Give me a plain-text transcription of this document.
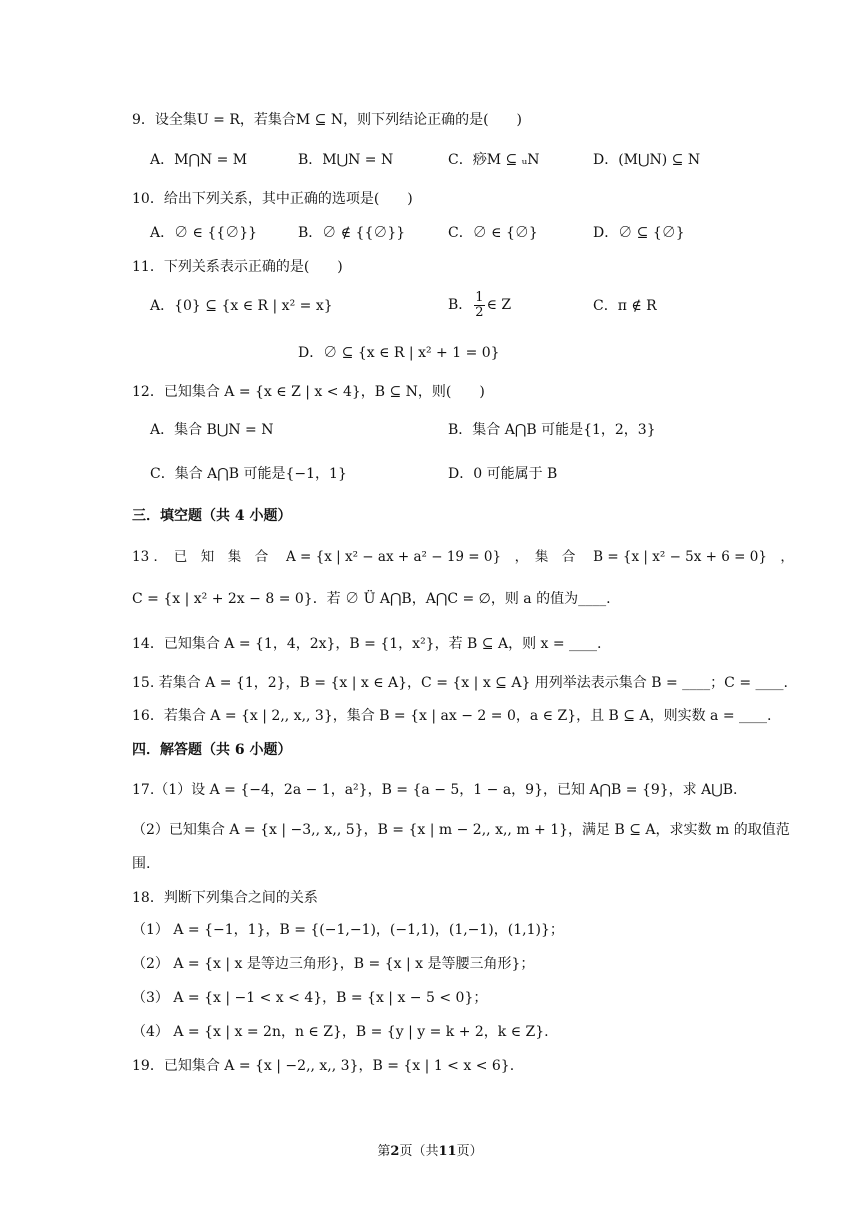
9．设全集U = R，若集合M ⊆ N，则下列结论正确的是(　　)
A．M⋂N = M	B．M⋃N = N	C．痧M ⊆ ᵤN	D．(M⋃N) ⊆ N
10．给出下列关系，其中正确的选项是(　　)
A．∅ ∈ {{∅}}	B．∅ ∉ {{∅}}	C．∅ ∈ {∅}	D．∅ ⊆ {∅}
11．下列关系表示正确的是(　　)
A．{0} ⊆ {x ∈ R | x² = x}	B． $\frac{1}{2}$ ∈ Z	C．π ∉ R
D．∅ ⊆ {x ∈ R | x² + 1 = 0}
12．已知集合 A = {x ∈ Z | x < 4}，B ⊆ N，则(　　)
A．集合 B⋃N = N	B．集合 A⋂B 可能是{1，2，3}
C．集合 A⋂B 可能是{−1，1}	D．0 可能属于 B
三．填空题（共 4 小题）
13 ．　已　知　集　合　 A = {x | x² − ax + a² − 19 = 0}　，　集　合　 B = {x | x² − 5x + 6 = 0}　，
C = {x | x² + 2x − 8 = 0}．若 ∅ Ü A⋂B，A⋂C = ∅，则 a 的值为____.
14．已知集合 A = {1，4，2x}，B = {1，x²}，若 B ⊆ A，则 x = ____.
15. 若集合 A = {1，2}，B = {x | x ∈ A}，C = {x | x ⊆ A} 用列举法表示集合 B = ____；C = ____.
16．若集合 A = {x | 2,, x,, 3}，集合 B = {x | ax − 2 = 0，a ∈ Z}，且 B ⊆ A，则实数 a = ____.
四．解答题（共 6 小题）
17.（1）设 A = {−4，2a − 1，a²}，B = {a − 5，1 − a，9}，已知 A⋂B = {9}，求 A⋃B.
（2）已知集合 A = {x | −3,, x,, 5}，B = {x | m − 2,, x,, m + 1}，满足 B ⊆ A，求实数 m 的取值范
围.
18．判断下列集合之间的关系
（1） A = {−1，1}，B = {(−1,−1)，(−1,1)，(1,−1)，(1,1)}；
（2） A = {x | x 是等边三角形}，B = {x | x 是等腰三角形}；
（3） A = {x | −1 < x < 4}，B = {x | x − 5 < 0}；
（4） A = {x | x = 2n，n ∈ Z}，B = {y | y = k + 2，k ∈ Z}.
19．已知集合 A = {x | −2,, x,, 3}，B = {x | 1 < x < 6}.
第2页（共11页）
